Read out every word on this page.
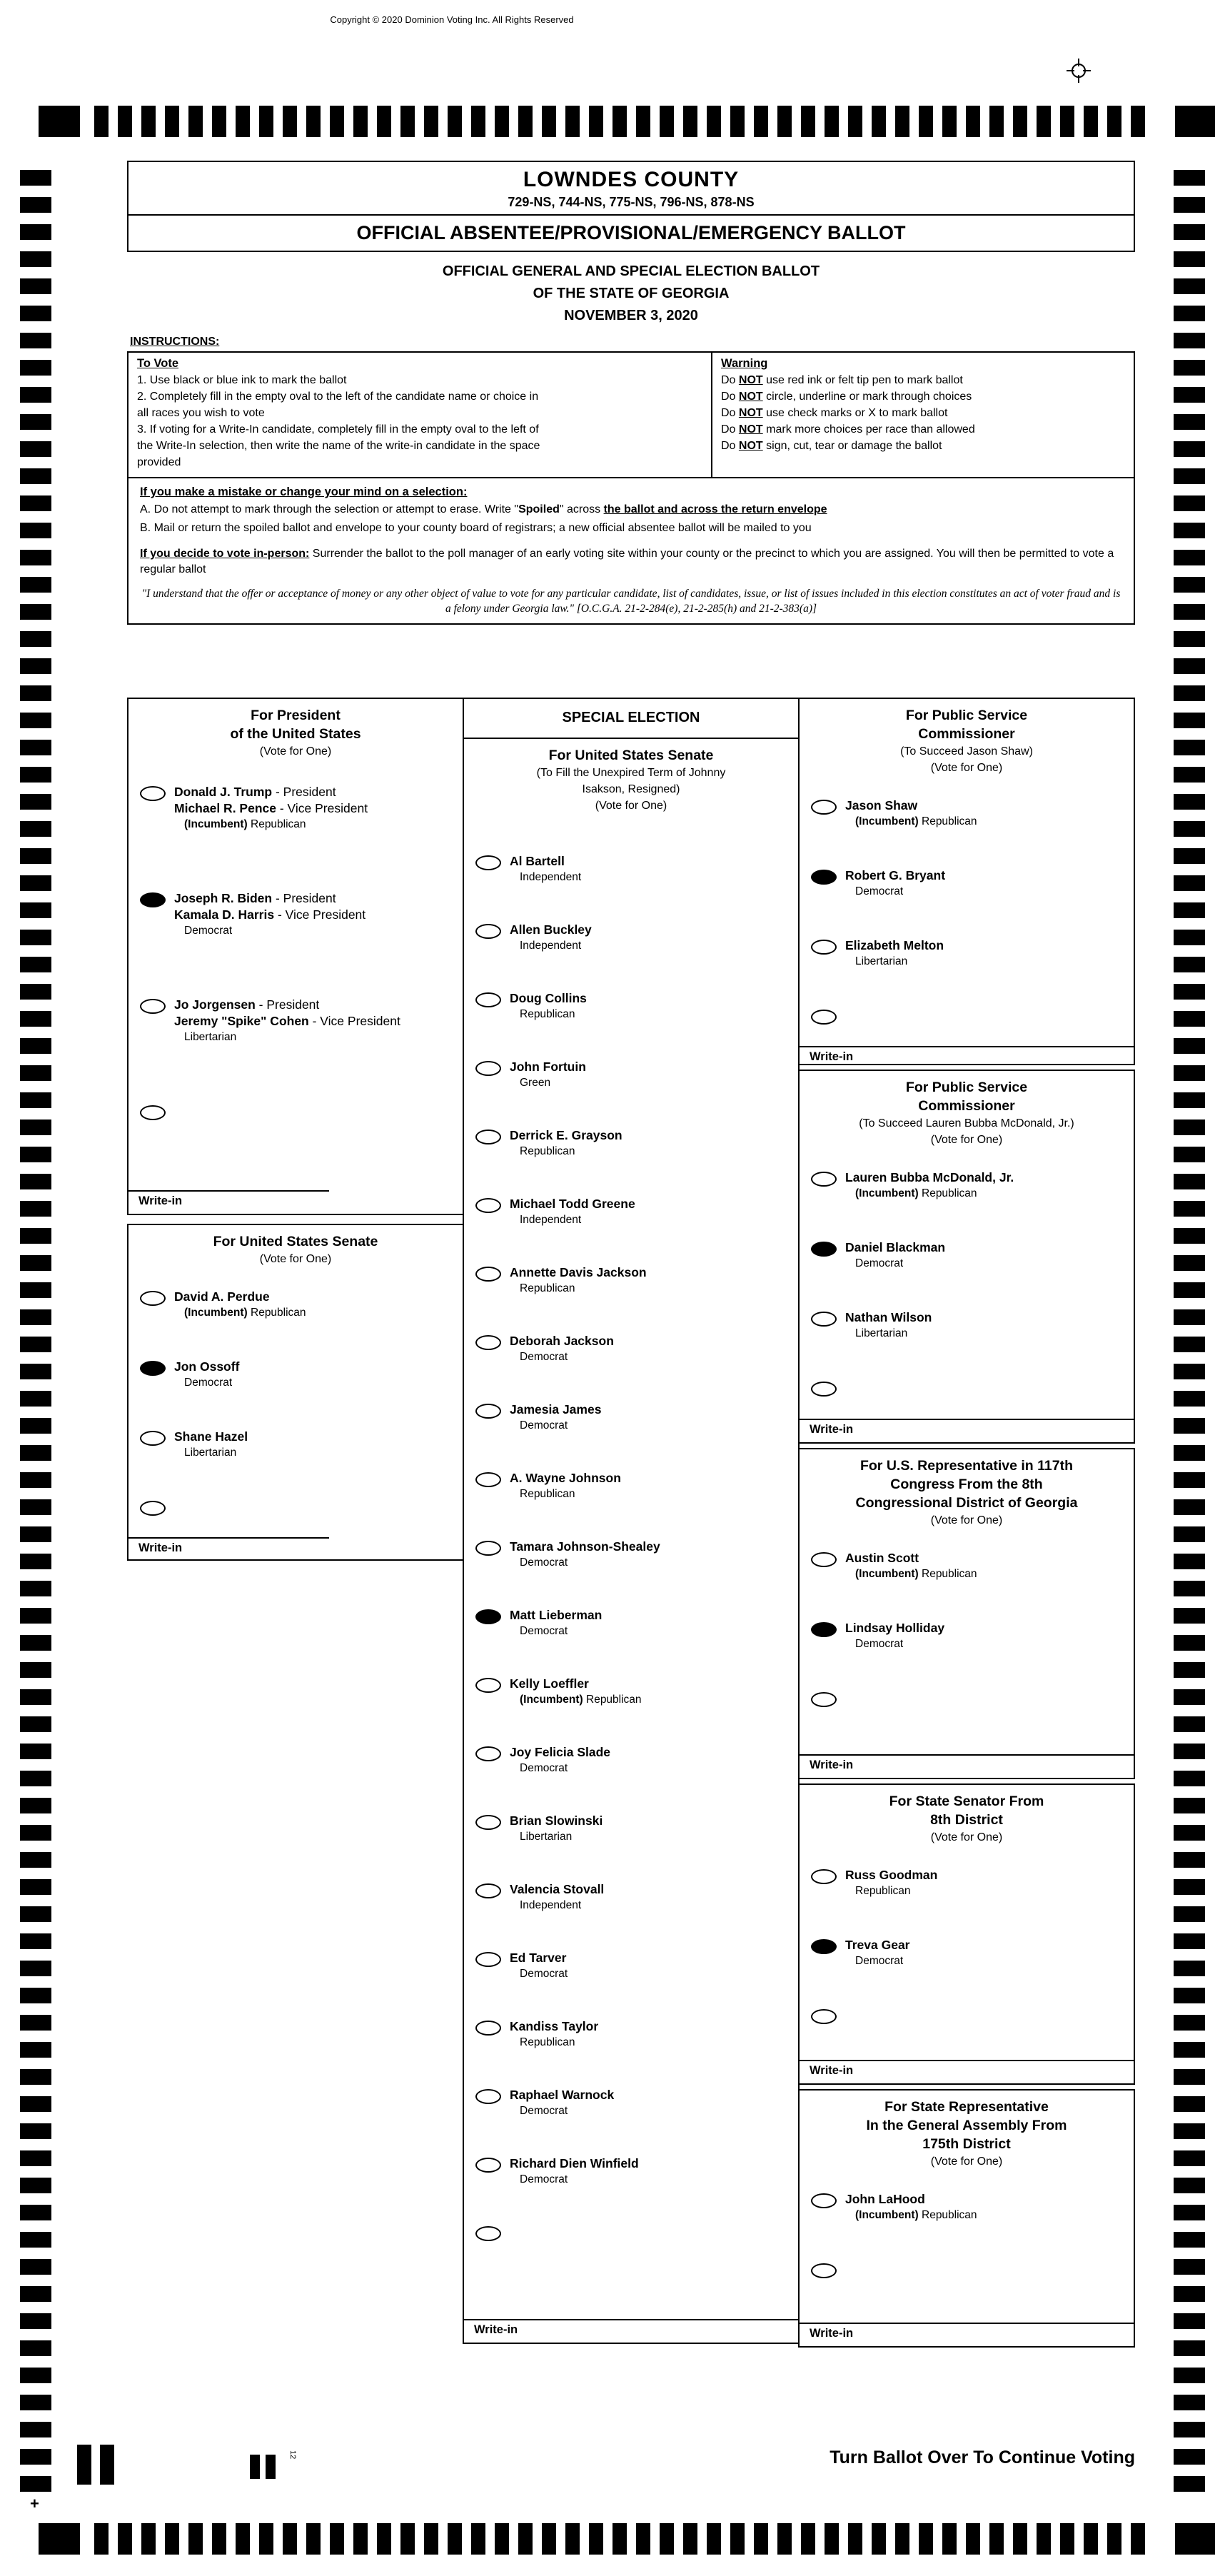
Copyright © 2020 Dominion Voting Inc. All Rights Reserved
LOWNDES COUNTY
729-NS, 744-NS, 775-NS, 796-NS, 878-NS
OFFICIAL ABSENTEE/PROVISIONAL/EMERGENCY BALLOT
OFFICIAL GENERAL AND SPECIAL ELECTION BALLOT
OF THE STATE OF GEORGIA
NOVEMBER 3, 2020
INSTRUCTIONS:
To Vote
1. Use black or blue ink to mark the ballot
2. Completely fill in the empty oval to the left of the candidate name or choice in
all races you wish to vote
3. If voting for a Write-In candidate, completely fill in the empty oval to the left of
the Write-In selection, then write the name of the write-in candidate in the space
provided
Warning
Do NOT use red ink or felt tip pen to mark ballot
Do NOT circle, underline or mark through choices
Do NOT use check marks or X to mark ballot
Do NOT mark more choices per race than allowed
Do NOT sign, cut, tear or damage the ballot
If you make a mistake or change your mind on a selection:
A. Do not attempt to mark through the selection or attempt to erase. Write "Spoiled" across the ballot and across the return envelope
B. Mail or return the spoiled ballot and envelope to your county board of registrars; a new official absentee ballot will be mailed to you
If you decide to vote in-person: Surrender the ballot to the poll manager of an early voting site within your county or the precinct to which you are assigned. You will then be permitted to vote a regular ballot
"I understand that the offer or acceptance of money or any other object of value to vote for any particular candidate, list of candidates, issue, or list of issues included in this election constitutes an act of voter fraud and is a felony under Georgia law." [O.C.G.A. 21-2-284(e), 21-2-285(h) and 21-2-383(a)]
For President
of the United States
(Vote for One)
Donald J. Trump - President
Michael R. Pence - Vice President
(Incumbent) Republican
Joseph R. Biden - President
Kamala D. Harris - Vice President
Democrat
Jo Jorgensen - President
Jeremy "Spike" Cohen - Vice President
Libertarian
Write-in
For United States Senate
(Vote for One)
David A. Perdue
(Incumbent) Republican
Jon Ossoff
Democrat
Shane Hazel
Libertarian
Write-in
SPECIAL ELECTION
For United States Senate
(To Fill the Unexpired Term of Johnny
Isakson, Resigned)
(Vote for One)
Al Bartell
Independent
Allen Buckley
Independent
Doug Collins
Republican
John Fortuin
Green
Derrick E. Grayson
Republican
Michael Todd Greene
Independent
Annette Davis Jackson
Republican
Deborah Jackson
Democrat
Jamesia James
Democrat
A. Wayne Johnson
Republican
Tamara Johnson-Shealey
Democrat
Matt Lieberman
Democrat
Kelly Loeffler
(Incumbent) Republican
Joy Felicia Slade
Democrat
Brian Slowinski
Libertarian
Valencia Stovall
Independent
Ed Tarver
Democrat
Kandiss Taylor
Republican
Raphael Warnock
Democrat
Richard Dien Winfield
Democrat
Write-in
For Public Service
Commissioner
(To Succeed Jason Shaw)
(Vote for One)
Jason Shaw
(Incumbent) Republican
Robert G. Bryant
Democrat
Elizabeth Melton
Libertarian
Write-in
For Public Service
Commissioner
(To Succeed Lauren Bubba McDonald, Jr.)
(Vote for One)
Lauren Bubba McDonald, Jr.
(Incumbent) Republican
Daniel Blackman
Democrat
Nathan Wilson
Libertarian
Write-in
For U.S. Representative in 117th
Congress From the 8th
Congressional District of Georgia
(Vote for One)
Austin Scott
(Incumbent) Republican
Lindsay Holliday
Democrat
Write-in
For State Senator From
8th District
(Vote for One)
Russ Goodman
Republican
Treva Gear
Democrat
Write-in
For State Representative
In the General Assembly From
175th District
(Vote for One)
John LaHood
(Incumbent) Republican
Write-in
Turn Ballot Over To Continue Voting
+
12
